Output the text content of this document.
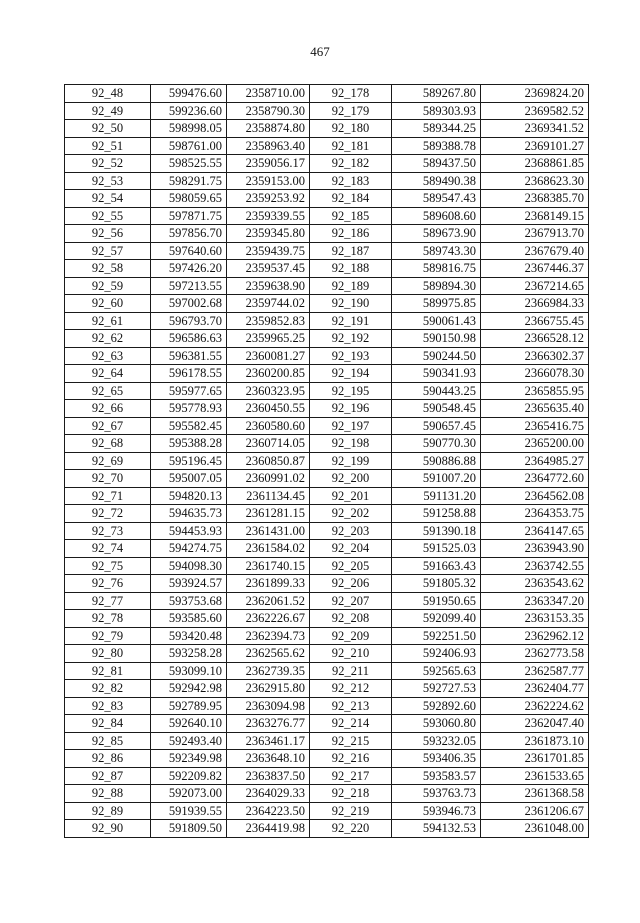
467
92_48	599476.60	2358710.00	92_178	589267.80	2369824.20
92_49	599236.60	2358790.30	92_179	589303.93	2369582.52
92_50	598998.05	2358874.80	92_180	589344.25	2369341.52
92_51	598761.00	2358963.40	92_181	589388.78	2369101.27
92_52	598525.55	2359056.17	92_182	589437.50	2368861.85
92_53	598291.75	2359153.00	92_183	589490.38	2368623.30
92_54	598059.65	2359253.92	92_184	589547.43	2368385.70
92_55	597871.75	2359339.55	92_185	589608.60	2368149.15
92_56	597856.70	2359345.80	92_186	589673.90	2367913.70
92_57	597640.60	2359439.75	92_187	589743.30	2367679.40
92_58	597426.20	2359537.45	92_188	589816.75	2367446.37
92_59	597213.55	2359638.90	92_189	589894.30	2367214.65
92_60	597002.68	2359744.02	92_190	589975.85	2366984.33
92_61	596793.70	2359852.83	92_191	590061.43	2366755.45
92_62	596586.63	2359965.25	92_192	590150.98	2366528.12
92_63	596381.55	2360081.27	92_193	590244.50	2366302.37
92_64	596178.55	2360200.85	92_194	590341.93	2366078.30
92_65	595977.65	2360323.95	92_195	590443.25	2365855.95
92_66	595778.93	2360450.55	92_196	590548.45	2365635.40
92_67	595582.45	2360580.60	92_197	590657.45	2365416.75
92_68	595388.28	2360714.05	92_198	590770.30	2365200.00
92_69	595196.45	2360850.87	92_199	590886.88	2364985.27
92_70	595007.05	2360991.02	92_200	591007.20	2364772.60
92_71	594820.13	2361134.45	92_201	591131.20	2364562.08
92_72	594635.73	2361281.15	92_202	591258.88	2364353.75
92_73	594453.93	2361431.00	92_203	591390.18	2364147.65
92_74	594274.75	2361584.02	92_204	591525.03	2363943.90
92_75	594098.30	2361740.15	92_205	591663.43	2363742.55
92_76	593924.57	2361899.33	92_206	591805.32	2363543.62
92_77	593753.68	2362061.52	92_207	591950.65	2363347.20
92_78	593585.60	2362226.67	92_208	592099.40	2363153.35
92_79	593420.48	2362394.73	92_209	592251.50	2362962.12
92_80	593258.28	2362565.62	92_210	592406.93	2362773.58
92_81	593099.10	2362739.35	92_211	592565.63	2362587.77
92_82	592942.98	2362915.80	92_212	592727.53	2362404.77
92_83	592789.95	2363094.98	92_213	592892.60	2362224.62
92_84	592640.10	2363276.77	92_214	593060.80	2362047.40
92_85	592493.40	2363461.17	92_215	593232.05	2361873.10
92_86	592349.98	2363648.10	92_216	593406.35	2361701.85
92_87	592209.82	2363837.50	92_217	593583.57	2361533.65
92_88	592073.00	2364029.33	92_218	593763.73	2361368.58
92_89	591939.55	2364223.50	92_219	593946.73	2361206.67
92_90	591809.50	2364419.98	92_220	594132.53	2361048.00
